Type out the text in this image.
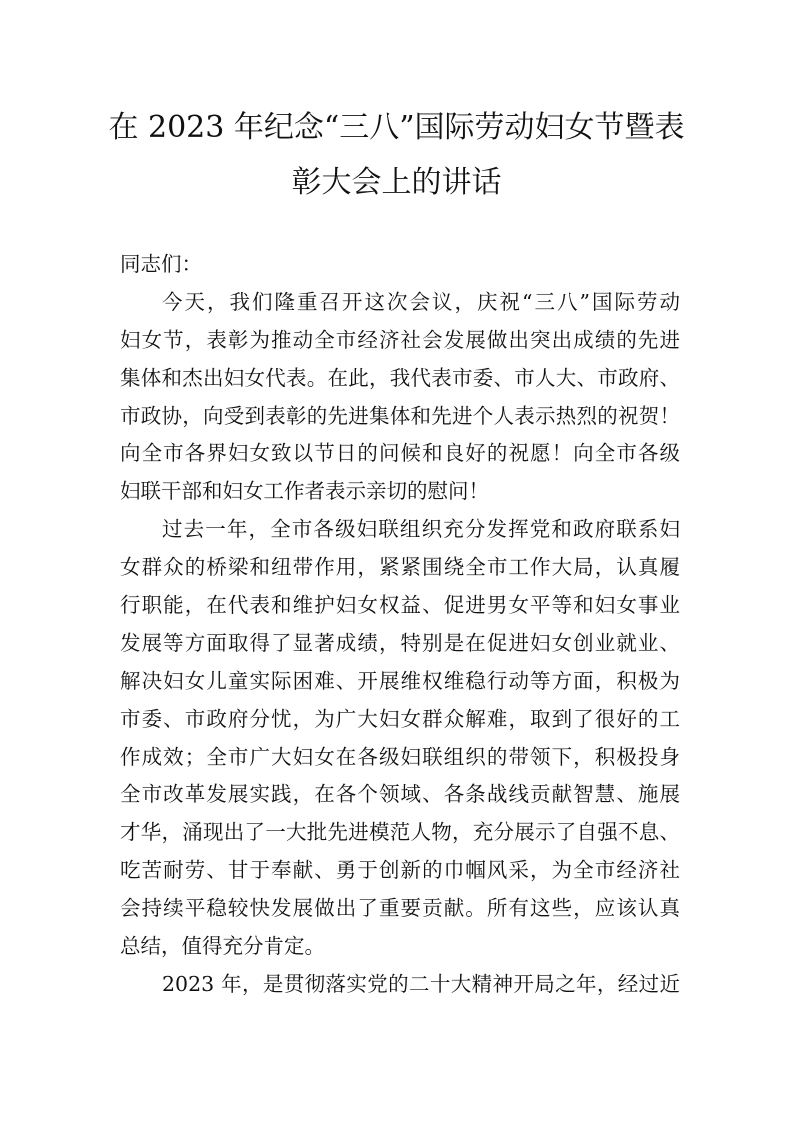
在 2023 年纪念“三八”国际劳动妇女节暨表
彰大会上的讲话
同志们：
今天，我们隆重召开这次会议，庆祝“三八”国际劳动
妇女节，表彰为推动全市经济社会发展做出突出成绩的先进
集体和杰出妇女代表。在此，我代表市委、市人大、市政府、
市政协，向受到表彰的先进集体和先进个人表示热烈的祝贺！
向全市各界妇女致以节日的问候和良好的祝愿！向全市各级
妇联干部和妇女工作者表示亲切的慰问！
过去一年，全市各级妇联组织充分发挥党和政府联系妇
女群众的桥梁和纽带作用，紧紧围绕全市工作大局，认真履
行职能，在代表和维护妇女权益、促进男女平等和妇女事业
发展等方面取得了显著成绩，特别是在促进妇女创业就业、
解决妇女儿童实际困难、开展维权维稳行动等方面，积极为
市委、市政府分忧，为广大妇女群众解难，取到了很好的工
作成效；全市广大妇女在各级妇联组织的带领下，积极投身
全市改革发展实践，在各个领域、各条战线贡献智慧、施展
才华，涌现出了一大批先进模范人物，充分展示了自强不息、
吃苦耐劳、甘于奉献、勇于创新的巾帼风采，为全市经济社
会持续平稳较快发展做出了重要贡献。所有这些，应该认真
总结，值得充分肯定。
2023 年，是贯彻落实党的二十大精神开局之年，经过近
